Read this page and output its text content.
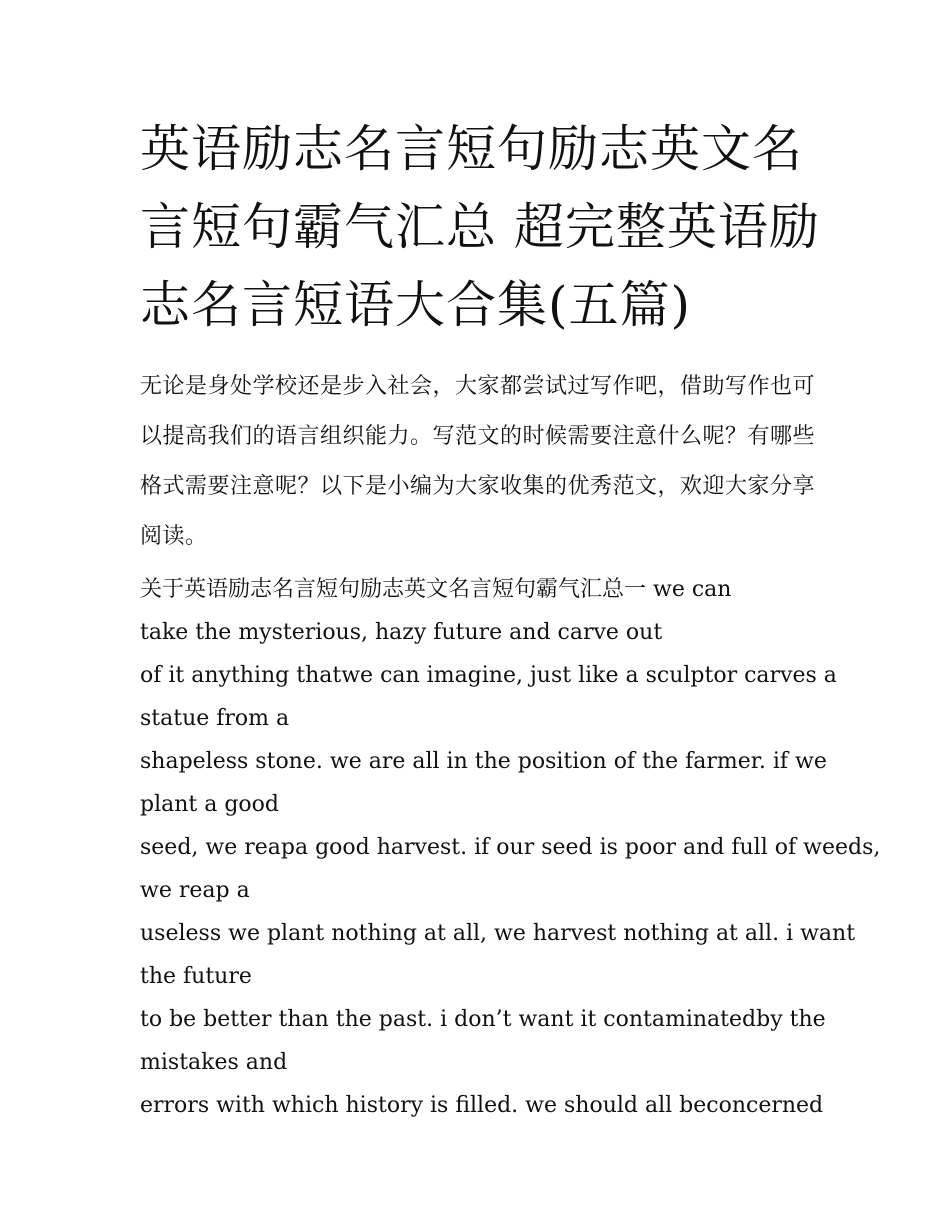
英语励志名言短句励志英文名言短句霸气汇总 超完整英语励志名言短语大合集(五篇)
无论是身处学校还是步入社会，大家都尝试过写作吧，借助写作也可以提高我们的语言组织能力。写范文的时候需要注意什么呢？有哪些格式需要注意呢？以下是小编为大家收集的优秀范文，欢迎大家分享阅读。
关于英语励志名言短句励志英文名言短句霸气汇总一 we can
take the mysterious, hazy future and carve out
of it anything thatwe can imagine, just like a sculptor carves a
statue from a
shapeless stone. we are all in the position of the farmer. if we
plant a good
seed, we reapa good harvest. if our seed is poor and full of weeds,
we reap a
useless we plant nothing at all, we harvest nothing at all. i want
the future
to be better than the past. i don’t want it contaminatedby the
mistakes and
errors with which history is filled. we should all beconcerned
